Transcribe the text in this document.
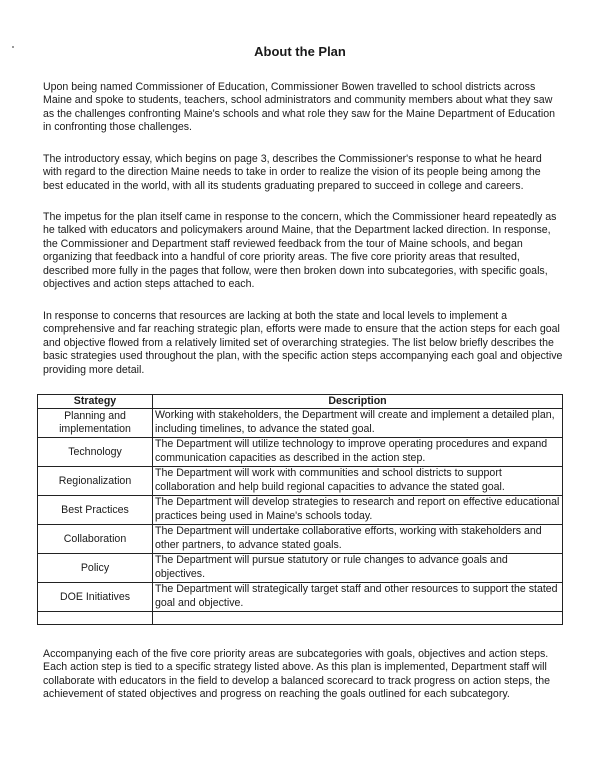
About the Plan

Upon being named Commissioner of Education, Commissioner Bowen travelled to school districts across Maine and spoke to students, teachers, school administrators and community members about what they saw as the challenges confronting Maine's schools and what role they saw for the Maine Department of Education in confronting those challenges.

The introductory essay, which begins on page 3, describes the Commissioner's response to what he heard with regard to the direction Maine needs to take in order to realize the vision of its people being among the best educated in the world, with all its students graduating prepared to succeed in college and careers.

The impetus for the plan itself came in response to the concern, which the Commissioner heard repeatedly as he talked with educators and policymakers around Maine, that the Department lacked direction. In response, the Commissioner and Department staff reviewed feedback from the tour of Maine schools, and began organizing that feedback into a handful of core priority areas. The five core priority areas that resulted, described more fully in the pages that follow, were then broken down into subcategories, with specific goals, objectives and action steps attached to each.

In response to concerns that resources are lacking at both the state and local levels to implement a comprehensive and far reaching strategic plan, efforts were made to ensure that the action steps for each goal and objective flowed from a relatively limited set of overarching strategies. The list below briefly describes the basic strategies used throughout the plan, with the specific action steps accompanying each goal and objective providing more detail.

Strategy	Description
Planning and implementation	Working with stakeholders, the Department will create and implement a detailed plan, including timelines, to advance the stated goal.
Technology	The Department will utilize technology to improve operating procedures and expand communication capacities as described in the action step.
Regionalization	The Department will work with communities and school districts to support collaboration and help build regional capacities to advance the stated goal.
Best Practices	The Department will develop strategies to research and report on effective educational practices being used in Maine's schools today.
Collaboration	The Department will undertake collaborative efforts, working with stakeholders and other partners, to advance stated goals.
Policy	The Department will pursue statutory or rule changes to advance goals and objectives.
DOE Initiatives	The Department will strategically target staff and other resources to support the stated goal and objective.

Accompanying each of the five core priority areas are subcategories with goals, objectives and action steps. Each action step is tied to a specific strategy listed above. As this plan is implemented, Department staff will collaborate with educators in the field to develop a balanced scorecard to track progress on action steps, the achievement of stated objectives and progress on reaching the goals outlined for each subcategory.
